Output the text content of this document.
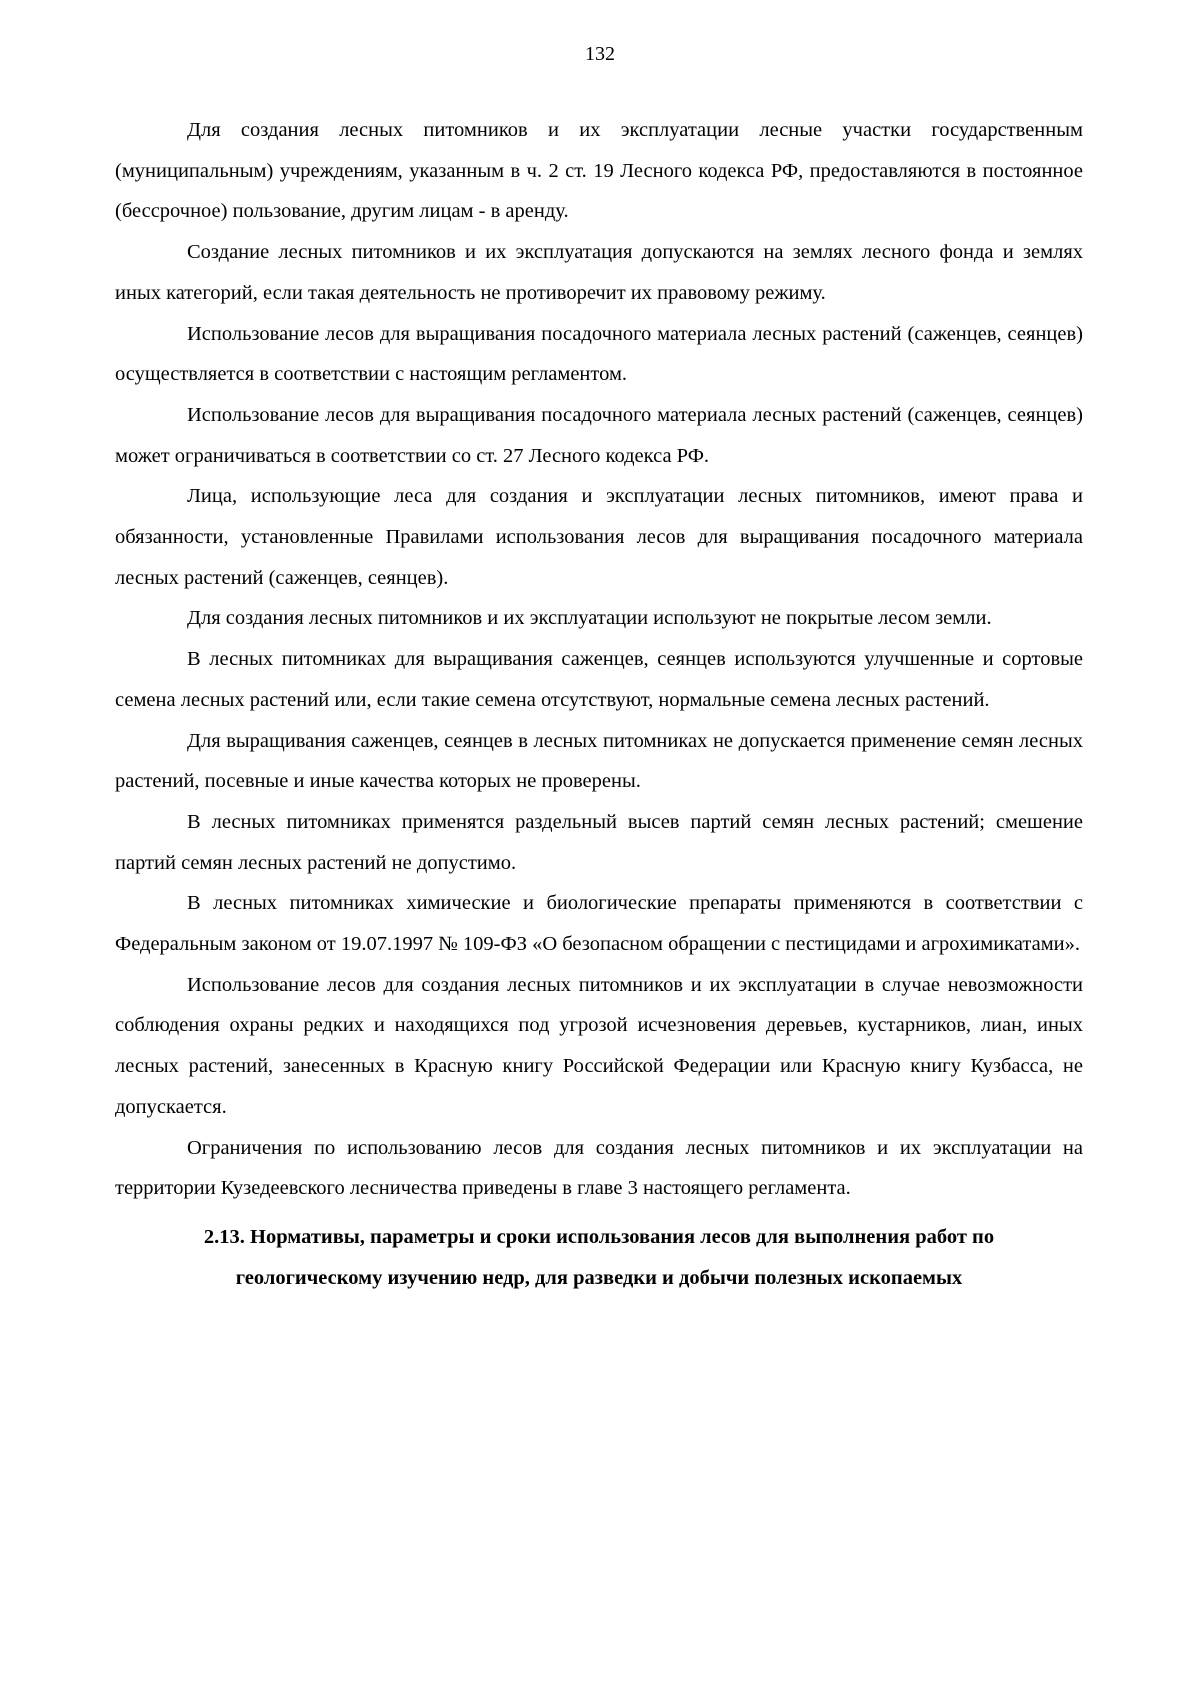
132

Для создания лесных питомников и их эксплуатации лесные участки государственным (муниципальным) учреждениям, указанным в ч. 2 ст. 19 Лесного кодекса РФ, предоставляются в постоянное (бессрочное) пользование, другим лицам - в аренду.

Создание лесных питомников и их эксплуатация допускаются на землях лесного фонда и землях иных категорий, если такая деятельность не противоречит их правовому режиму.

Использование лесов для выращивания посадочного материала лесных растений (саженцев, сеянцев) осуществляется в соответствии с настоящим регламентом.

Использование лесов для выращивания посадочного материала лесных растений (саженцев, сеянцев) может ограничиваться в соответствии со ст. 27 Лесного кодекса РФ.

Лица, использующие леса для создания и эксплуатации лесных питомников, имеют права и обязанности, установленные Правилами использования лесов для выращивания посадочного материала лесных растений (саженцев, сеянцев).

Для создания лесных питомников и их эксплуатации используют не покрытые лесом земли.

В лесных питомниках для выращивания саженцев, сеянцев используются улучшенные и сортовые семена лесных растений или, если такие семена отсутствуют, нормальные семена лесных растений.

Для выращивания саженцев, сеянцев в лесных питомниках не допускается применение семян лесных растений, посевные и иные качества которых не проверены.

В лесных питомниках применятся раздельный высев партий семян лесных растений; смешение партий семян лесных растений не допустимо.

В лесных питомниках химические и биологические препараты применяются в соответствии с Федеральным законом от 19.07.1997 № 109-ФЗ «О безопасном обращении с пестицидами и агрохимикатами».

Использование лесов для создания лесных питомников и их эксплуатации в случае невозможности соблюдения охраны редких и находящихся под угрозой исчезновения деревьев, кустарников, лиан, иных лесных растений, занесенных в Красную книгу Российской Федерации или Красную книгу Кузбасса, не допускается.

Ограничения по использованию лесов для создания лесных питомников и их эксплуатации на территории Кузедеевского лесничества приведены в главе 3 настоящего регламента.

2.13. Нормативы, параметры и сроки использования лесов для выполнения работ по геологическому изучению недр, для разведки и добычи полезных ископаемых
